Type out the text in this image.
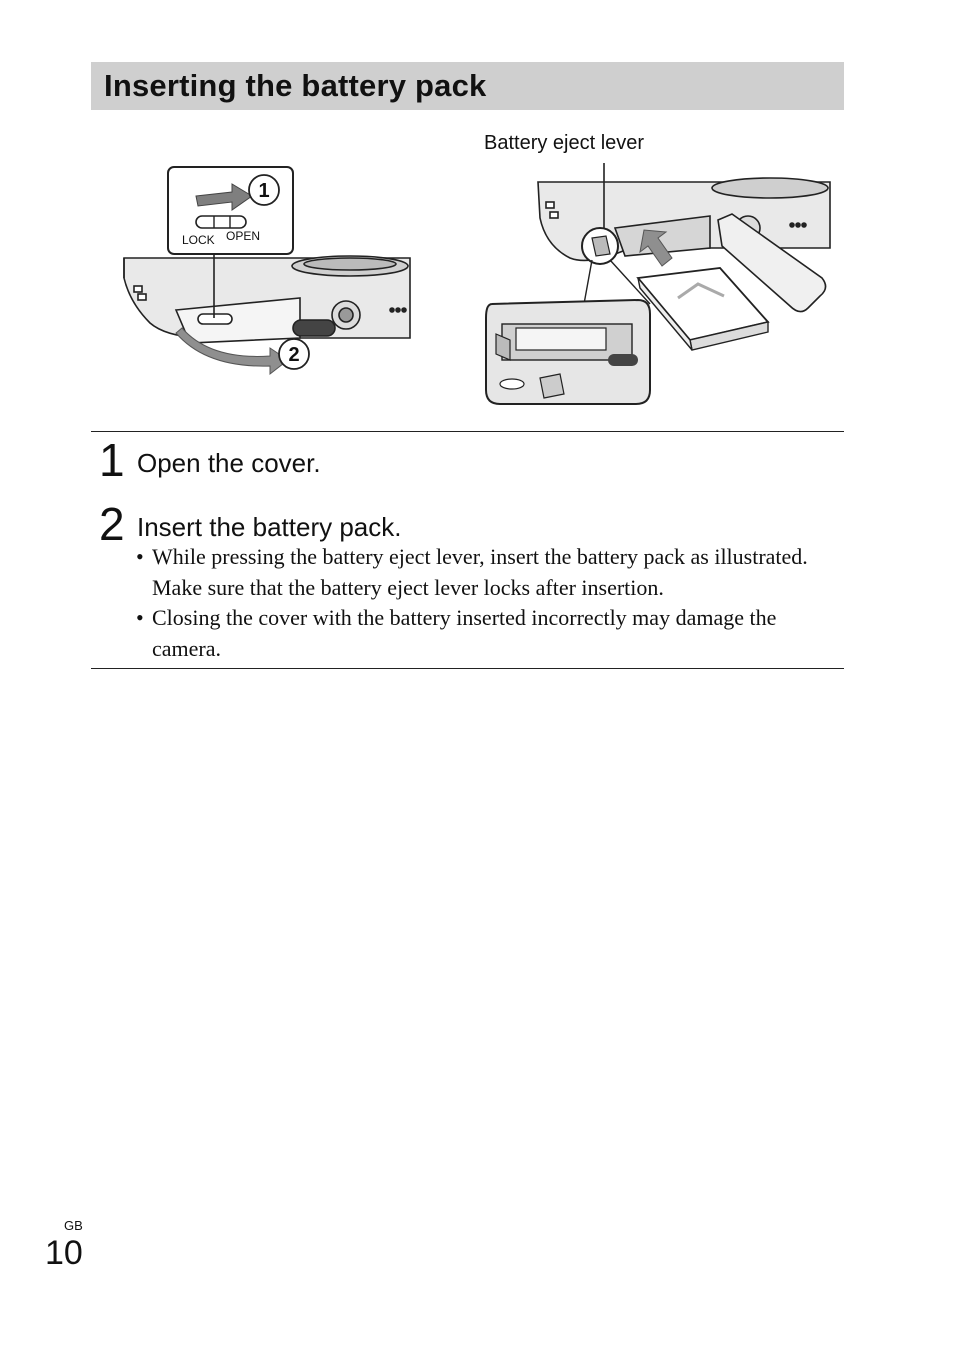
Inserting the battery pack
Battery eject lever
2
1
LOCK OPEN
1 Open the cover.
2 Insert the battery pack.
• While pressing the battery eject lever, insert the battery pack as illustrated. Make sure that the battery eject lever locks after insertion.
• Closing the cover with the battery inserted incorrectly may damage the camera.
GB
10
